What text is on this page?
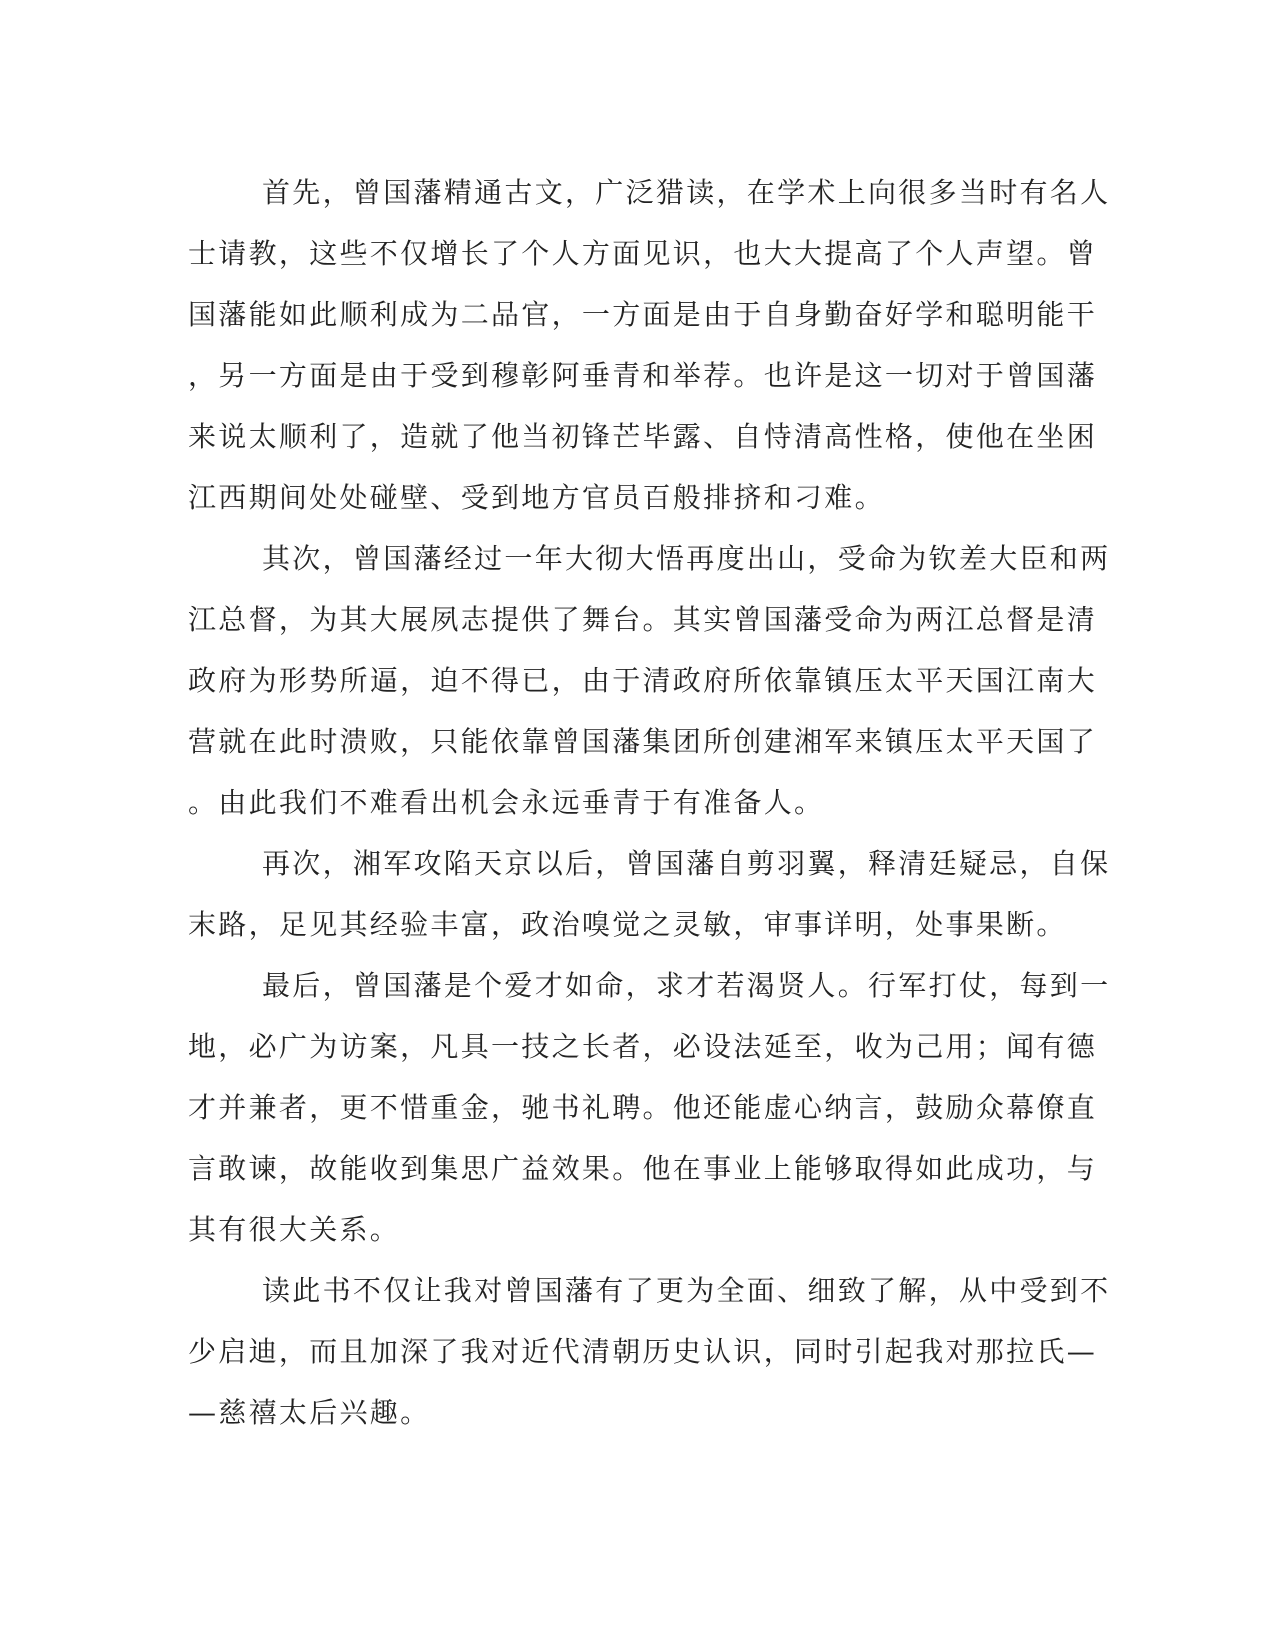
首先，曾国藩精通古文，广泛猎读，在学术上向很多当时有名人
士请教，这些不仅增长了个人方面见识，也大大提高了个人声望。曾
国藩能如此顺利成为二品官，一方面是由于自身勤奋好学和聪明能干
，另一方面是由于受到穆彰阿垂青和举荐。也许是这一切对于曾国藩
来说太顺利了，造就了他当初锋芒毕露、自恃清高性格，使他在坐困
江西期间处处碰壁、受到地方官员百般排挤和刁难。
其次，曾国藩经过一年大彻大悟再度出山，受命为钦差大臣和两
江总督，为其大展夙志提供了舞台。其实曾国藩受命为两江总督是清
政府为形势所逼，迫不得已，由于清政府所依靠镇压太平天国江南大
营就在此时溃败，只能依靠曾国藩集团所创建湘军来镇压太平天国了
。由此我们不难看出机会永远垂青于有准备人。
再次，湘军攻陷天京以后，曾国藩自剪羽翼，释清廷疑忌，自保
末路，足见其经验丰富，政治嗅觉之灵敏，审事详明，处事果断。
最后，曾国藩是个爱才如命，求才若渴贤人。行军打仗，每到一
地，必广为访案，凡具一技之长者，必设法延至，收为己用；闻有德
才并兼者，更不惜重金，驰书礼聘。他还能虚心纳言，鼓励众幕僚直
言敢谏，故能收到集思广益效果。他在事业上能够取得如此成功，与
其有很大关系。
读此书不仅让我对曾国藩有了更为全面、细致了解，从中受到不
少启迪，而且加深了我对近代清朝历史认识，同时引起我对那拉氏—
—慈禧太后兴趣。
